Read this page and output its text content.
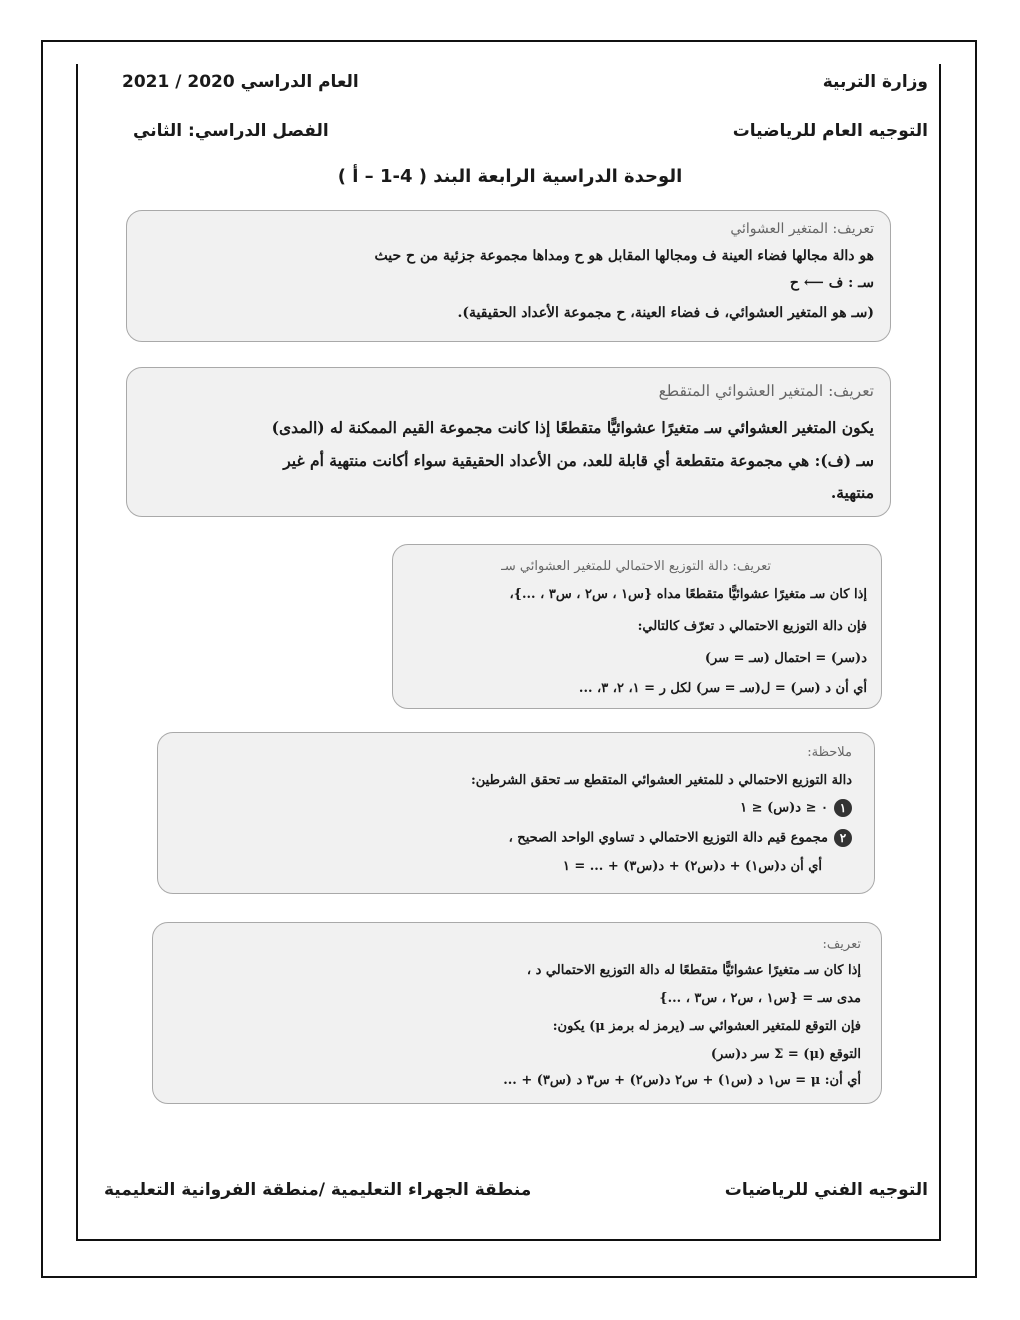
وزارة التربية
العام الدراسي 2020 / 2021
التوجيه العام للرياضيات
الفصل الدراسي: الثاني
الوحدة الدراسية الرابعة البند ( 4-1 – أ )
تعريف: المتغير العشوائي
هو دالة مجالها فضاء العينة ف ومجالها المقابل هو ح ومداها مجموعة جزئية من ح حيث
سـ : ف ⟵ ح
(سـ هو المتغير العشوائي، ف فضاء العينة، ح مجموعة الأعداد الحقيقية).
تعريف: المتغير العشوائي المتقطع
يكون المتغير العشوائي سـ متغيرًا عشوائيًّا متقطعًا إذا كانت مجموعة القيم الممكنة له (المدى)
سـ (ف): هي مجموعة متقطعة أي قابلة للعد، من الأعداد الحقيقية سواء أكانت منتهية أم غير
منتهية.
تعريف: دالة التوزيع الاحتمالي للمتغير العشوائي سـ
إذا كان سـ متغيرًا عشوائيًّا متقطعًا مداه {س١ ، س٢ ، س٣ ، ...}،
فإن دالة التوزيع الاحتمالي د تعرّف كالتالي:
د(سر) = احتمال (سـ = سر)
أي أن د (سر) = ل(سـ = سر) لكل ر = ١، ٢، ٣، ...
ملاحظة:
دالة التوزيع الاحتمالي د للمتغير العشوائي المتقطع سـ تحقق الشرطين:
١٠ ≤ د(س) ≤ ١
٢مجموع قيم دالة التوزيع الاحتمالي د تساوي الواحد الصحيح ،
أي أن د(س١) + د(س٢) + د(س٣) + ... = ١
تعريف:
إذا كان سـ متغيرًا عشوائيًّا متقطعًا له دالة التوزيع الاحتمالي د ،
مدى سـ = {س١ ، س٢ ، س٣ ، ...}
فإن التوقع للمتغير العشوائي سـ (يرمز له برمز μ) يكون:
التوقع (μ) = Σ سر د(سر)
أي أن: μ = س١ د (س١) + س٢ د(س٢) + س٣ د (س٣) + ...
التوجيه الفني للرياضيات
منطقة الجهراء التعليمية /منطقة الفروانية التعليمية
